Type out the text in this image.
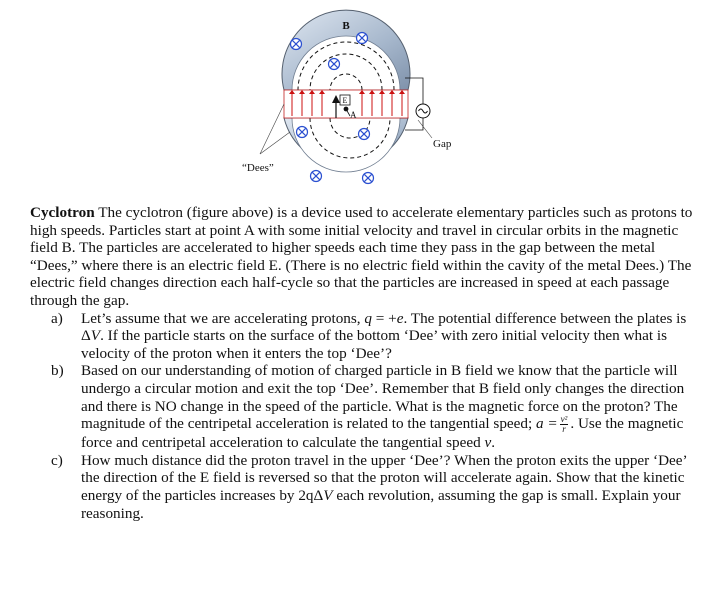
B
E
A
Gap
“Dees”

Cyclotron The cyclotron (figure above) is a device used to accelerate elementary particles such as protons to high speeds. Particles start at point A with some initial velocity and travel in circular orbits in the magnetic field B. The particles are accelerated to higher speeds each time they pass in the gap between the metal “Dees,” where there is an electric field E. (There is no electric field within the cavity of the metal Dees.) The electric field changes direction each half-cycle so that the particles are increased in speed at each passage through the gap.

a) Let’s assume that we are accelerating protons, q = +e. The potential difference between the plates is ΔV. If the particle starts on the surface of the bottom ‘Dee’ with zero initial velocity then what is velocity of the proton when it enters the top ‘Dee’?
b) Based on our understanding of motion of charged particle in B field we know that the particle will undergo a circular motion and exit the top ‘Dee’. Remember that B field only changes the direction and there is NO change in the speed of the particle. What is the magnetic force on the proton? The magnitude of the centripetal acceleration is related to the tangential speed; $a = \frac{\text{v²}}{r}$ . Use the magnetic force and centripetal acceleration to calculate the tangential speed v.
c) How much distance did the proton travel in the upper ‘Dee’? When the proton exits the upper ‘Dee’ the direction of the E field is reversed so that the proton will accelerate again. Show that the kinetic energy of the particles increases by 2qΔV each revolution, assuming the gap is small. Explain your reasoning.
